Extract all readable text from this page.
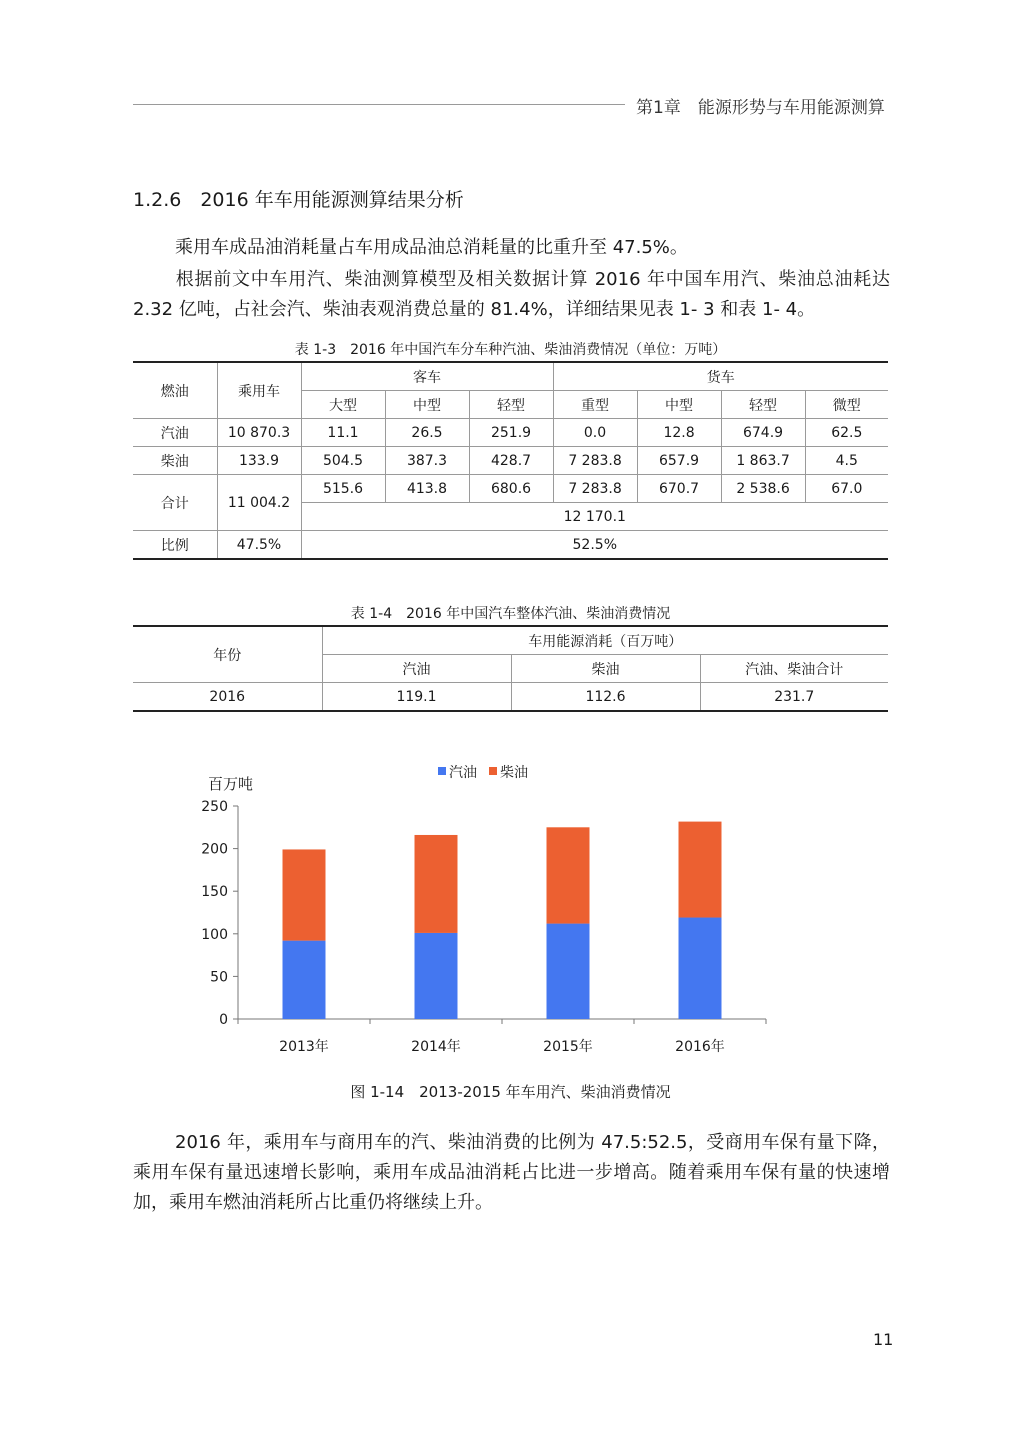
第1章　能源形势与车用能源测算
1.2.6　2016 年车用能源测算结果分析
乘用车成品油消耗量占车用成品油总消耗量的比重升至 47.5%。
根据前文中车用汽、柴油测算模型及相关数据计算 2016 年中国车用汽、柴油总油耗达 2.32 亿吨，占社会汽、柴油表观消费总量的 81.4%，详细结果见表 1- 3 和表 1- 4。
表 1-3　2016 年中国汽车分车种汽油、柴油消费情况（单位：万吨）
燃油	乘用车	客车			货车			
		大型	中型	轻型	重型	中型	轻型	微型
汽油	10 870.3	11.1	26.5	251.9	0.0	12.8	674.9	62.5
柴油	133.9	504.5	387.3	428.7	7 283.8	657.9	1 863.7	4.5
合计	11 004.2	515.6	413.8	680.6	7 283.8	670.7	2 538.6	67.0
		12 170.1						
比例	47.5%	52.5%						
表 1-4　2016 年中国汽车整体汽油、柴油消费情况
年份	车用能源消耗（百万吨）		
	汽油	柴油	汽油、柴油合计
2016	119.1	112.6	231.7
百万吨
0
50
100
150
200
250
2013年	2014年	2015年	2016年
汽油 柴油
图 1-14　2013-2015 年车用汽、柴油消费情况
2016 年，乘用车与商用车的汽、柴油消费的比例为 47.5:52.5，受商用车保有量下降，乘用车保有量迅速增长影响，乘用车成品油消耗占比进一步增高。随着乘用车保有量的快速增加，乘用车燃油消耗所占比重仍将继续上升。
11
